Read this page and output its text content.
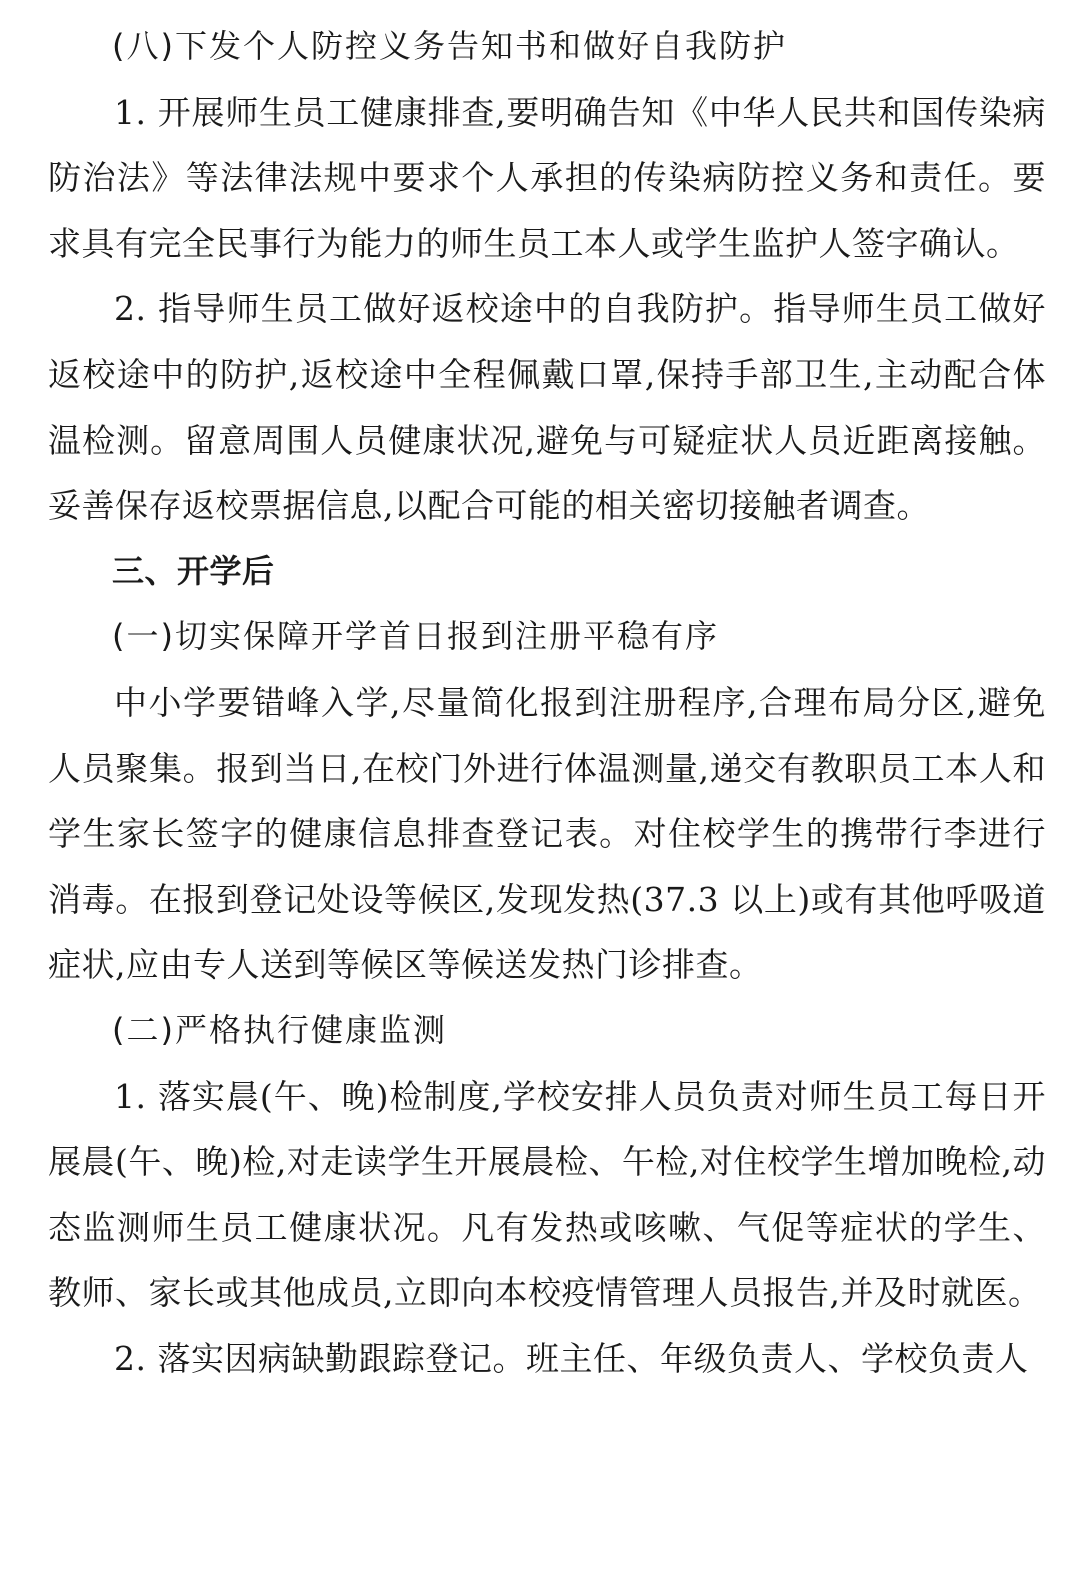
(八)下发个人防控义务告知书和做好自我防护

1. 开展师生员工健康排查,要明确告知《中华人民共和国传染病防治法》等法律法规中要求个人承担的传染病防控义务和责任。要求具有完全民事行为能力的师生员工本人或学生监护人签字确认。

2. 指导师生员工做好返校途中的自我防护。指导师生员工做好返校途中的防护,返校途中全程佩戴口罩,保持手部卫生,主动配合体温检测。留意周围人员健康状况,避免与可疑症状人员近距离接触。妥善保存返校票据信息,以配合可能的相关密切接触者调查。

三、开学后

(一)切实保障开学首日报到注册平稳有序

中小学要错峰入学,尽量简化报到注册程序,合理布局分区,避免人员聚集。报到当日,在校门外进行体温测量,递交有教职员工本人和学生家长签字的健康信息排查登记表。对住校学生的携带行李进行消毒。在报到登记处设等候区,发现发热(37.3 以上)或有其他呼吸道症状,应由专人送到等候区等候送发热门诊排查。

(二)严格执行健康监测

1. 落实晨(午、晚)检制度,学校安排人员负责对师生员工每日开展晨(午、晚)检,对走读学生开展晨检、午检,对住校学生增加晚检,动态监测师生员工健康状况。凡有发热或咳嗽、气促等症状的学生、教师、家长或其他成员,立即向本校疫情管理人员报告,并及时就医。

2. 落实因病缺勤跟踪登记。班主任、年级负责人、学校负责人
